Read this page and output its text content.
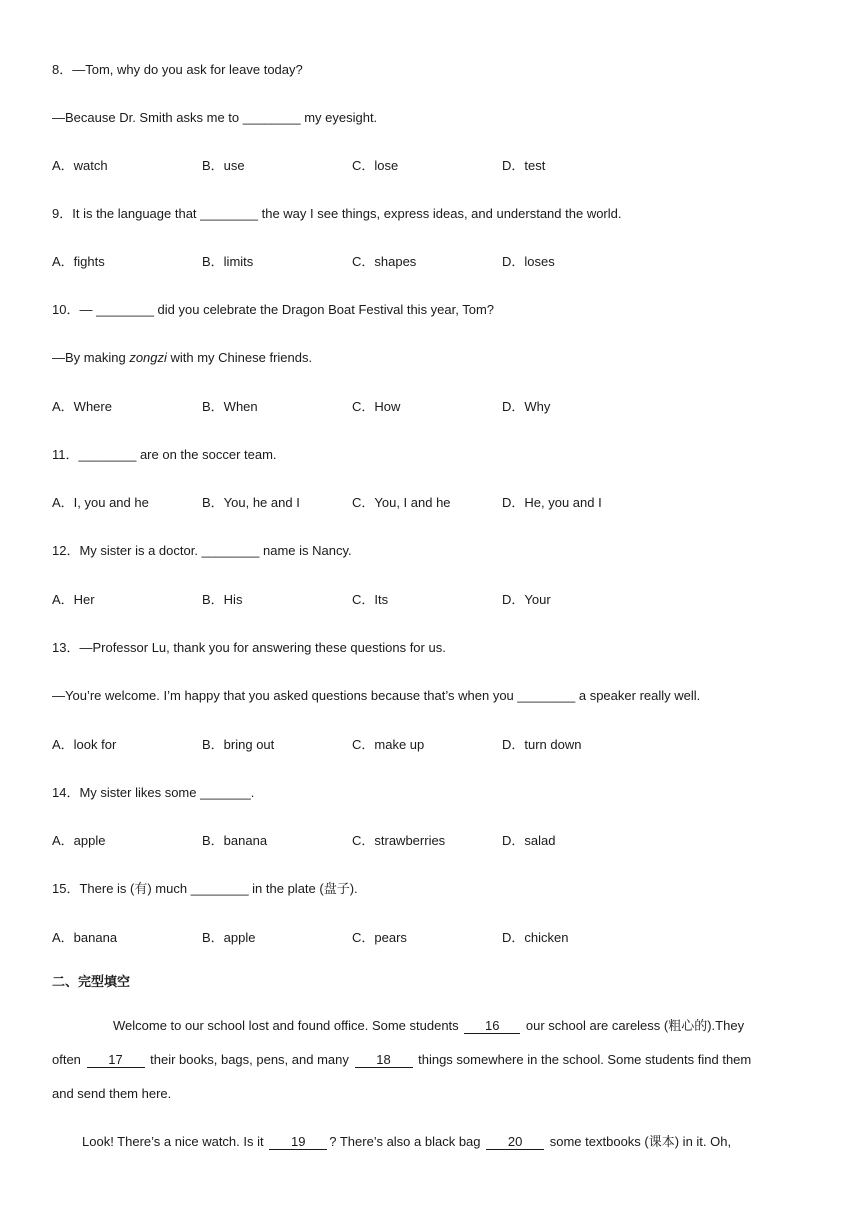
8．—Tom, why do you ask for leave today?
—Because Dr. Smith asks me to ________ my eyesight.
A．watch	B．use	C．lose	D．test
9．It is the language that ________ the way I see things, express ideas, and understand the world.
A．fights	B．limits	C．shapes	D．loses
10．— ________ did you celebrate the Dragon Boat Festival this year, Tom?
—By making zongzi with my Chinese friends.
A．Where	B．When	C．How	D．Why
11．________ are on the soccer team.
A．I, you and he	B．You, he and I	C．You, I and he	D．He, you and I
12．My sister is a doctor. ________ name is Nancy.
A．Her	B．His	C．Its	D．Your
13．—Professor Lu, thank you for answering these questions for us.
—You’re welcome. I’m happy that you asked questions because that’s when you ________ a speaker really well.
A．look for	B．bring out	C．make up	D．turn down
14．My sister likes some _______.
A．apple	B．banana	C．strawberries	D．salad
15．There is (有) much ________ in the plate (盘子).
A．banana	B．apple	C．pears	D．chicken
二、完型填空
Welcome to our school lost and found office. Some students 16 our school are careless (粗心的).They
often 17 their books, bags, pens, and many 18 things somewhere in the school. Some students find them
and send them here.
Look! There’s a nice watch. Is it 19 ? There’s also a black bag 20 some textbooks (课本) in it. Oh,
